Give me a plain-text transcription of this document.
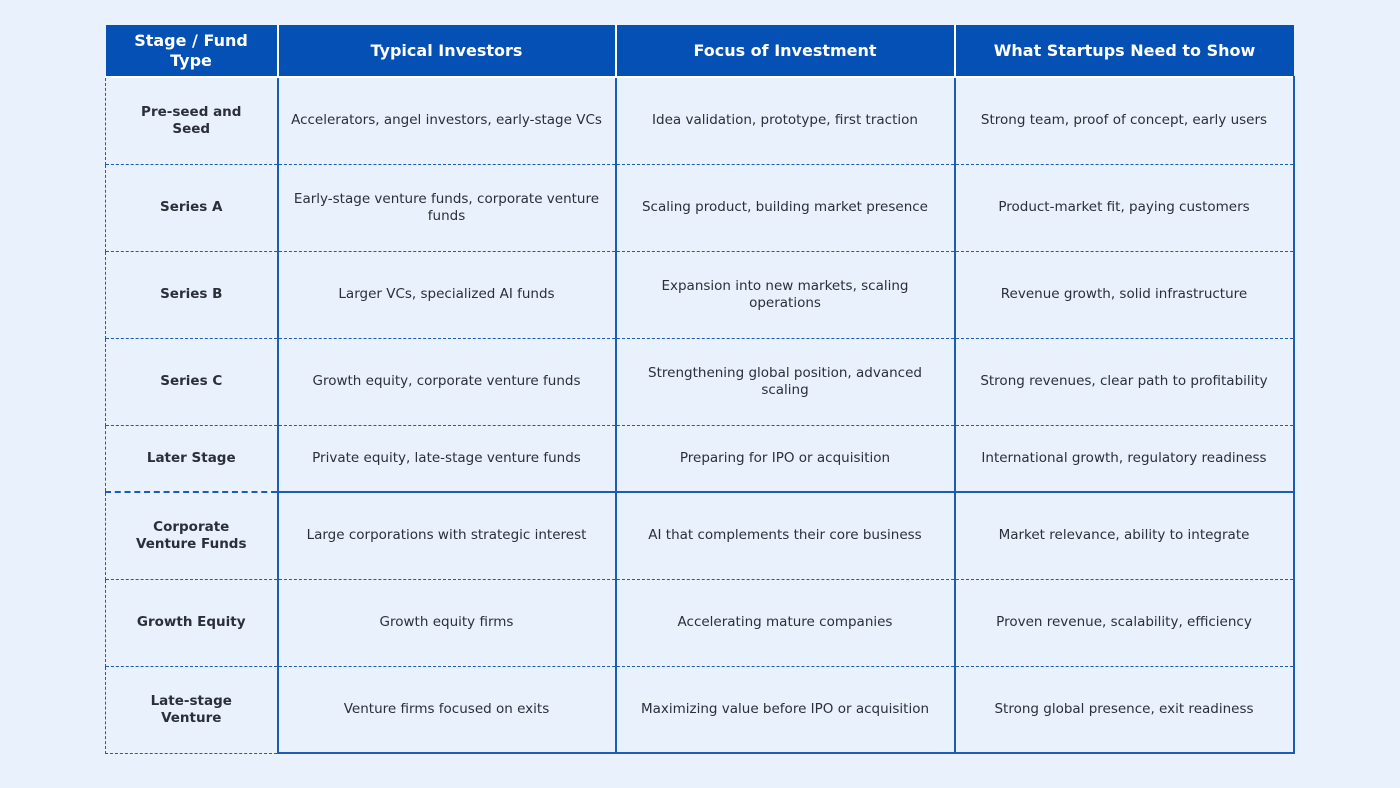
Stage / Fund Type	Typical Investors	Focus of Investment	What Startups Need to Show
Pre-seed and Seed	Accelerators, angel investors, early-stage VCs	Idea validation, prototype, first traction	Strong team, proof of concept, early users
Series A	Early-stage venture funds, corporate venture funds	Scaling product, building market presence	Product-market fit, paying customers
Series B	Larger VCs, specialized AI funds	Expansion into new markets, scaling operations	Revenue growth, solid infrastructure
Series C	Growth equity, corporate venture funds	Strengthening global position, advanced scaling	Strong revenues, clear path to profitability
Later Stage	Private equity, late-stage venture funds	Preparing for IPO or acquisition	International growth, regulatory readiness
Corporate Venture Funds	Large corporations with strategic interest	AI that complements their core business	Market relevance, ability to integrate
Growth Equity	Growth equity firms	Accelerating mature companies	Proven revenue, scalability, efficiency
Late-stage Venture	Venture firms focused on exits	Maximizing value before IPO or acquisition	Strong global presence, exit readiness
